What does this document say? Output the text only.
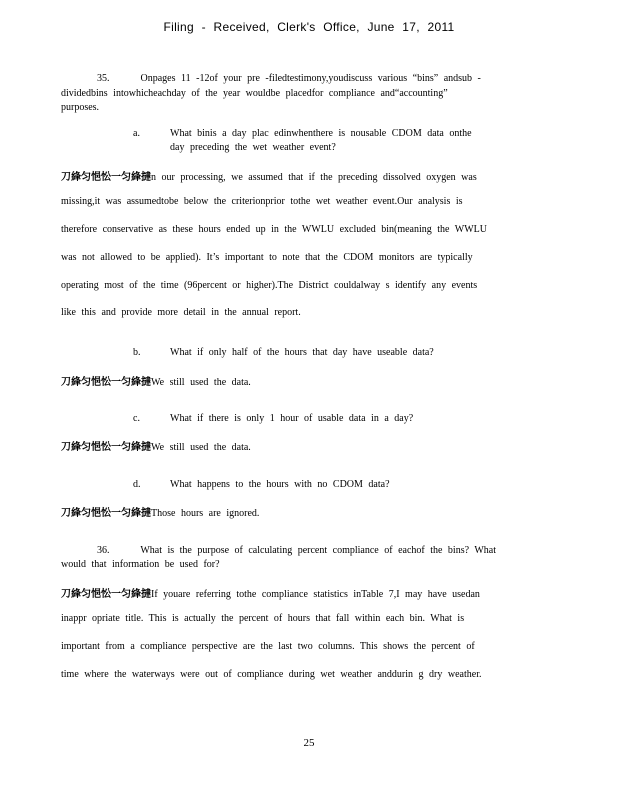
Filing - Received, Clerk's Office, June 17, 2011
35.	Onpages 11 -12of your pre -filedtestimony,youdiscuss various “bins” andsub -
dividedbins intowhicheachday of the year wouldbe placedfor compliance and“accounting”
purposes.
a.	What binis a day plac edinwhenthere is nousable CDOM data onthe
day preceding the wet weather event?
刀綘匀悒忪一匀綘撻n our processing, we assumed that if the preceding dissolved oxygen was
missing,it was assumedtobe below the criterionprior tothe wet weather event.Our analysis is
therefore conservative as these hours ended up in the WWLU excluded bin(meaning the WWLU
was not allowed to be applied). It’s important to note that the CDOM monitors are typically
operating most of the time (96percent or higher).The District couldalway s identify any events
like this and provide more detail in the annual report.
b.	What if only half of the hours that day have useable data?
刀綘匀悒忪一匀綘撻We still used the data.
c.	What if there is only 1 hour of usable data in a day?
刀綘匀悒忪一匀綘撻We still used the data.
d.	What happens to the hours with no CDOM data?
刀綘匀悒忪一匀綘撻Those hours are ignored.
36.	What is the purpose of calculating percent compliance of eachof the bins? What
would that information be used for?
刀綘匀悒忪一匀綘撻If youare referring tothe compliance statistics inTable 7,I may have usedan
inappr opriate title. This is actually the percent of hours that fall within each bin. What is
important from a compliance perspective are the last two columns. This shows the percent of
time where the waterways were out of compliance during wet weather anddurin g dry weather.
25
